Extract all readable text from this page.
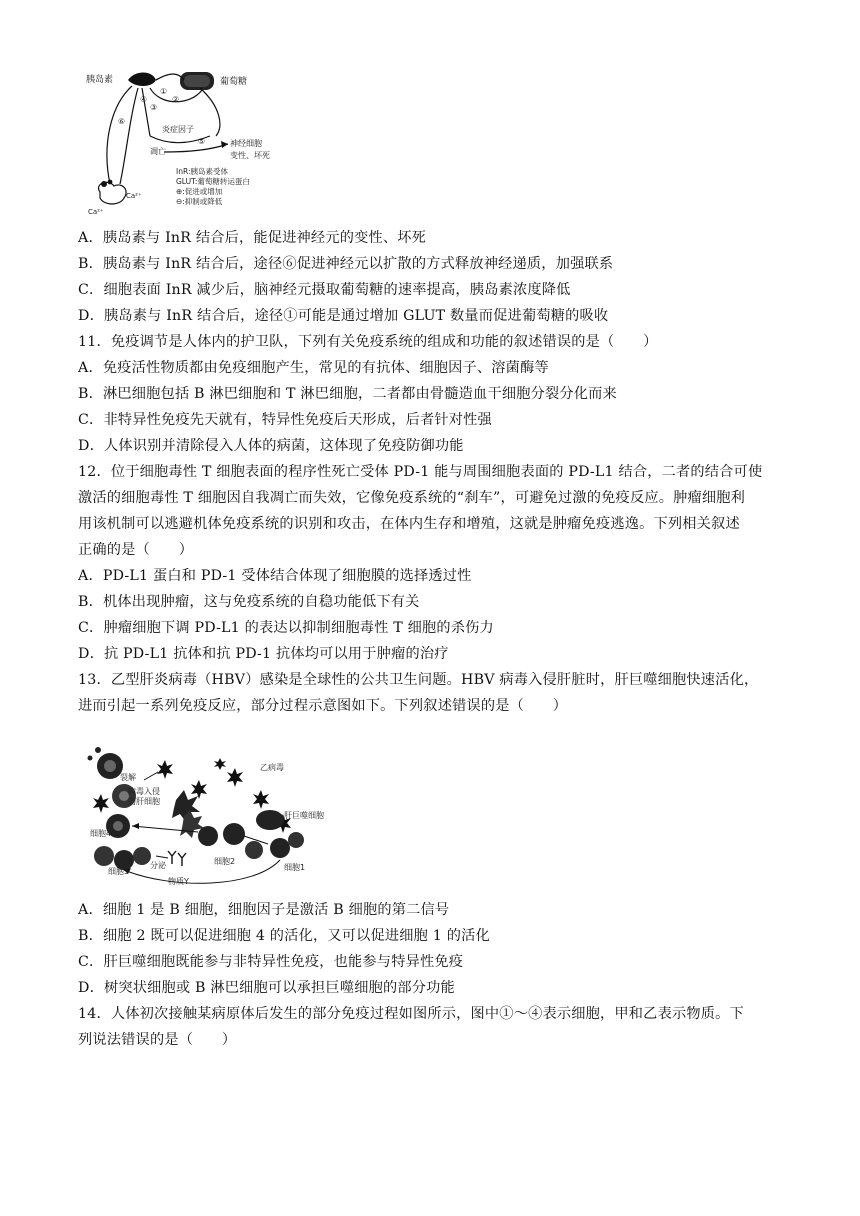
①
②
③
④
⑤
⑥
胰岛素	葡萄糖
炎症因子
凋亡
神经细胞
变性、坏死
Ca²⁺
Ca²⁺
InR:胰岛素受体
GLUT:葡萄糖转运蛋白
⊕:促进或增加
⊖:抑制或降低
A．胰岛素与 InR 结合后，能促进神经元的变性、坏死
B．胰岛素与 InR 结合后，途径⑥促进神经元以扩散的方式释放神经递质，加强联系
C．细胞表面 InR 减少后，脑神经元摄取葡萄糖的速率提高，胰岛素浓度降低
D．胰岛素与 InR 结合后，途径①可能是通过增加 GLUT 数量而促进葡萄糖的吸收
11．免疫调节是人体内的护卫队，下列有关免疫系统的组成和功能的叙述错误的是（　　）
A．免疫活性物质都由免疫细胞产生，常见的有抗体、细胞因子、溶菌酶等
B．淋巴细胞包括 B 淋巴细胞和 T 淋巴细胞，二者都由骨髓造血干细胞分裂分化而来
C．非特异性免疫先天就有，特异性免疫后天形成，后者针对性强
D．人体识别并清除侵入人体的病菌，这体现了免疫防御功能
12．位于细胞毒性 T 细胞表面的程序性死亡受体 PD-1 能与周围细胞表面的 PD-L1 结合，二者的结合可使
激活的细胞毒性 T 细胞因自我凋亡而失效，它像免疫系统的“刹车”，可避免过激的免疫反应。肿瘤细胞利
用该机制可以逃避机体免疫系统的识别和攻击，在体内生存和增殖，这就是肿瘤免疫逃逸。下列相关叙述
正确的是（　　）
A．PD-L1 蛋白和 PD-1 受体结合体现了细胞膜的选择透过性
B．机体出现肿瘤，这与免疫系统的自稳功能低下有关
C．肿瘤细胞下调 PD-L1 的表达以抑制细胞毒性 T 细胞的杀伤力
D．抗 PD-L1 抗体和抗 PD-1 抗体均可以用于肿瘤的治疗
13．乙型肝炎病毒（HBV）感染是全球性的公共卫生问题。HBV 病毒入侵肝脏时，肝巨噬细胞快速活化，
进而引起一系列免疫反应，部分过程示意图如下。下列叙述错误的是（　　）
乙病毒
裂解
病毒入侵
的肝细胞
肝巨噬细胞
细胞4
细胞2
细胞1
细胞3
分泌
物质Y
A．细胞 1 是 B 细胞，细胞因子是激活 B 细胞的第二信号
B．细胞 2 既可以促进细胞 4 的活化，又可以促进细胞 1 的活化
C．肝巨噬细胞既能参与非特异性免疫，也能参与特异性免疫
D．树突状细胞或 B 淋巴细胞可以承担巨噬细胞的部分功能
14．人体初次接触某病原体后发生的部分免疫过程如图所示，图中①～④表示细胞，甲和乙表示物质。下
列说法错误的是（　　）
